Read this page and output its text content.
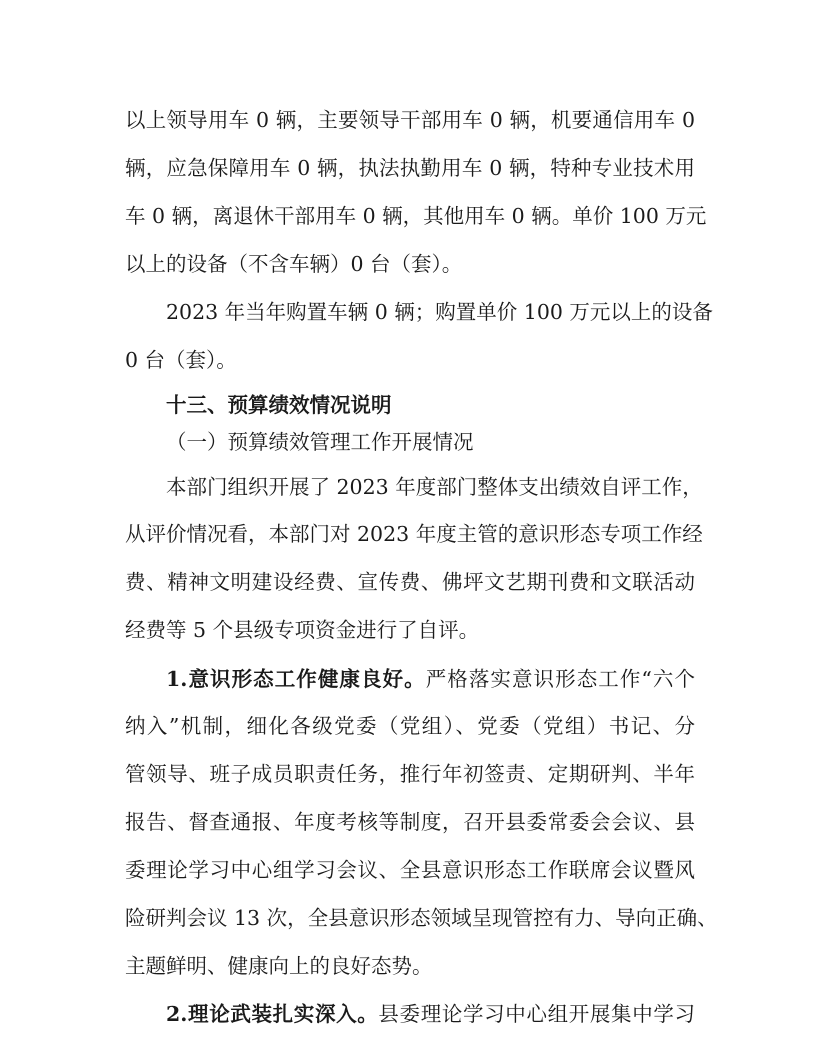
以上领导用车 0 辆，主要领导干部用车 0 辆，机要通信用车 0
辆，应急保障用车 0 辆，执法执勤用车 0 辆，特种专业技术用
车 0 辆，离退休干部用车 0 辆，其他用车 0 辆。单价 100 万元
以上的设备（不含车辆）0 台（套）。
2023 年当年购置车辆 0 辆；购置单价 100 万元以上的设备
0 台（套）。
十三、预算绩效情况说明
（一）预算绩效管理工作开展情况
本部门组织开展了 2023 年度部门整体支出绩效自评工作，
从评价情况看，本部门对 2023 年度主管的意识形态专项工作经
费、精神文明建设经费、宣传费、佛坪文艺期刊费和文联活动
经费等 5 个县级专项资金进行了自评。
1.意识形态工作健康良好。严格落实意识形态工作“六个
纳入”机制，细化各级党委（党组）、党委（党组）书记、分
管领导、班子成员职责任务，推行年初签责、定期研判、半年
报告、督查通报、年度考核等制度，召开县委常委会会议、县
委理论学习中心组学习会议、全县意识形态工作联席会议暨风
险研判会议 13 次，全县意识形态领域呈现管控有力、导向正确、
主题鲜明、健康向上的良好态势。
2.理论武装扎实深入。县委理论学习中心组开展集中学习
